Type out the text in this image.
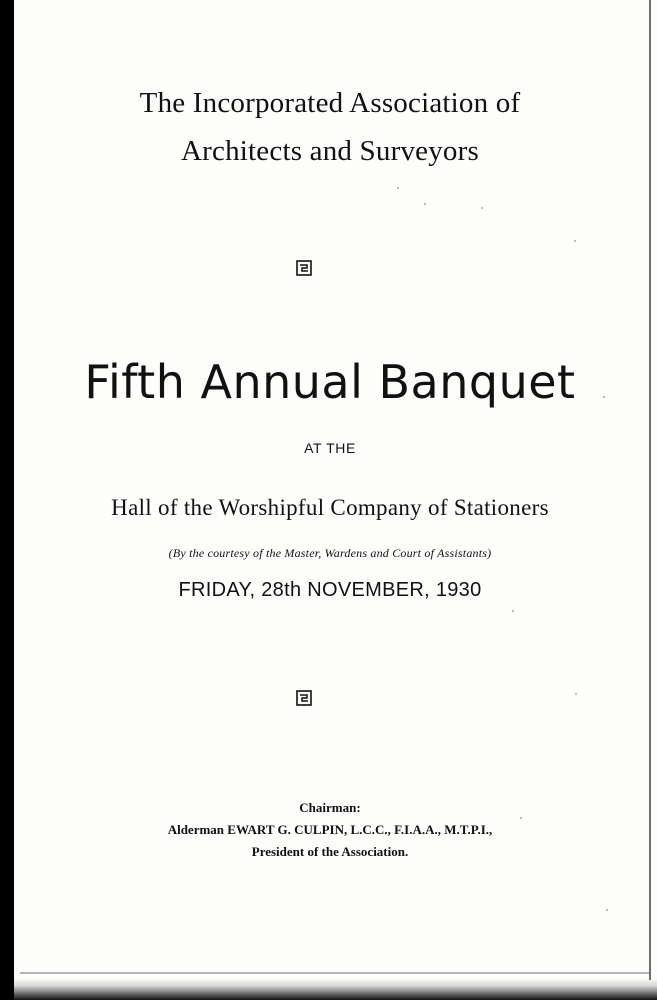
The Incorporated Association of
Architects and Surveyors
Fifth Annual Banquet
AT THE
Hall of the Worshipful Company of Stationers
(By the courtesy of the Master, Wardens and Court of Assistants)
FRIDAY, 28th NOVEMBER, 1930
Chairman:
Alderman EWART G. CULPIN, L.C.C., F.I.A.A., M.T.P.I.,
President of the Association.
